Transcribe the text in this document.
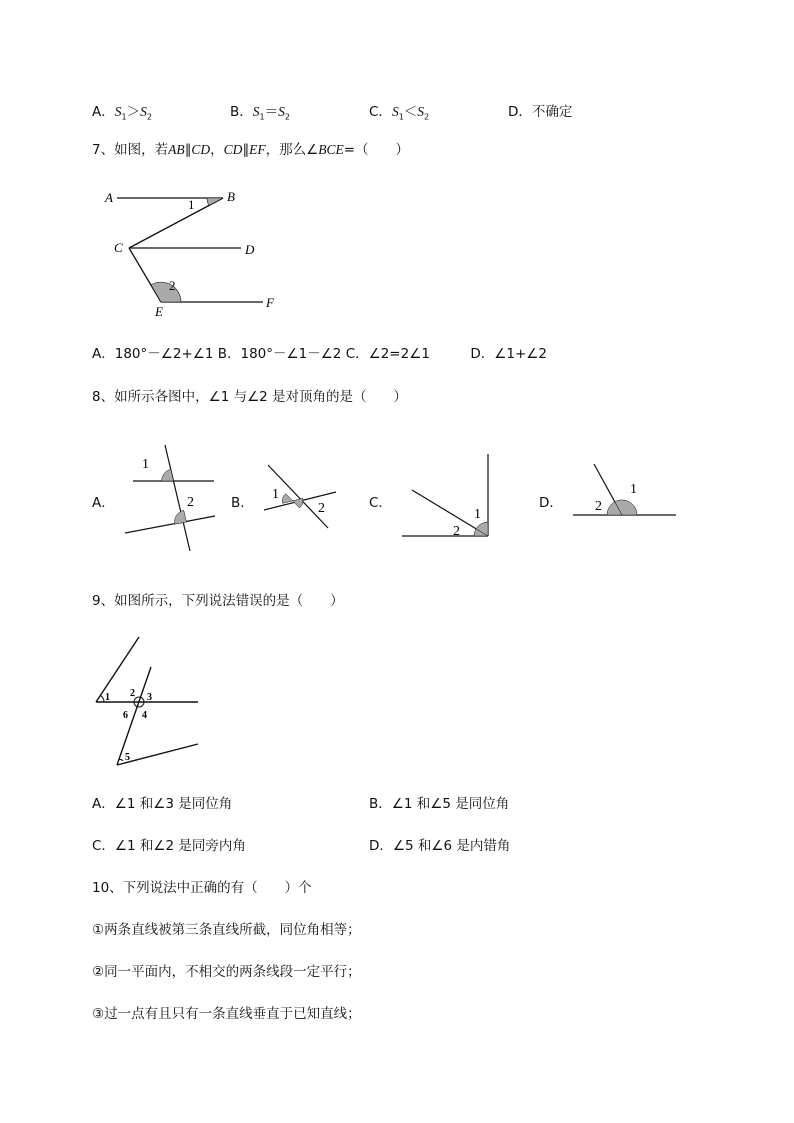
A．$S_1>S_2$	B．$S_1=S_2$	C．$S_1<S_2$	D．不确定
7、如图，若AB∥CD，CD∥EF，那么∠BCE=（　　）
A	B
C	D
E
F
1
2
A．180°－∠2+∠1 B．180°－∠1－∠2 C．∠2=2∠1　　　D．∠1+∠2
8、如所示各图中，∠1 与∠2 是对顶角的是（　　）
A．
1
2	B．
1
2	C．
1
2
D．
1
2
9、如图所示，下列说法错误的是（　　）
1 2 3
4
5
6
A．∠1 和∠3 是同位角	B．∠1 和∠5 是同位角
C．∠1 和∠2 是同旁内角	D．∠5 和∠6 是内错角
10、下列说法中正确的有（　　）个
①两条直线被第三条直线所截，同位角相等；
②同一平面内，不相交的两条线段一定平行；
③过一点有且只有一条直线垂直于已知直线；
